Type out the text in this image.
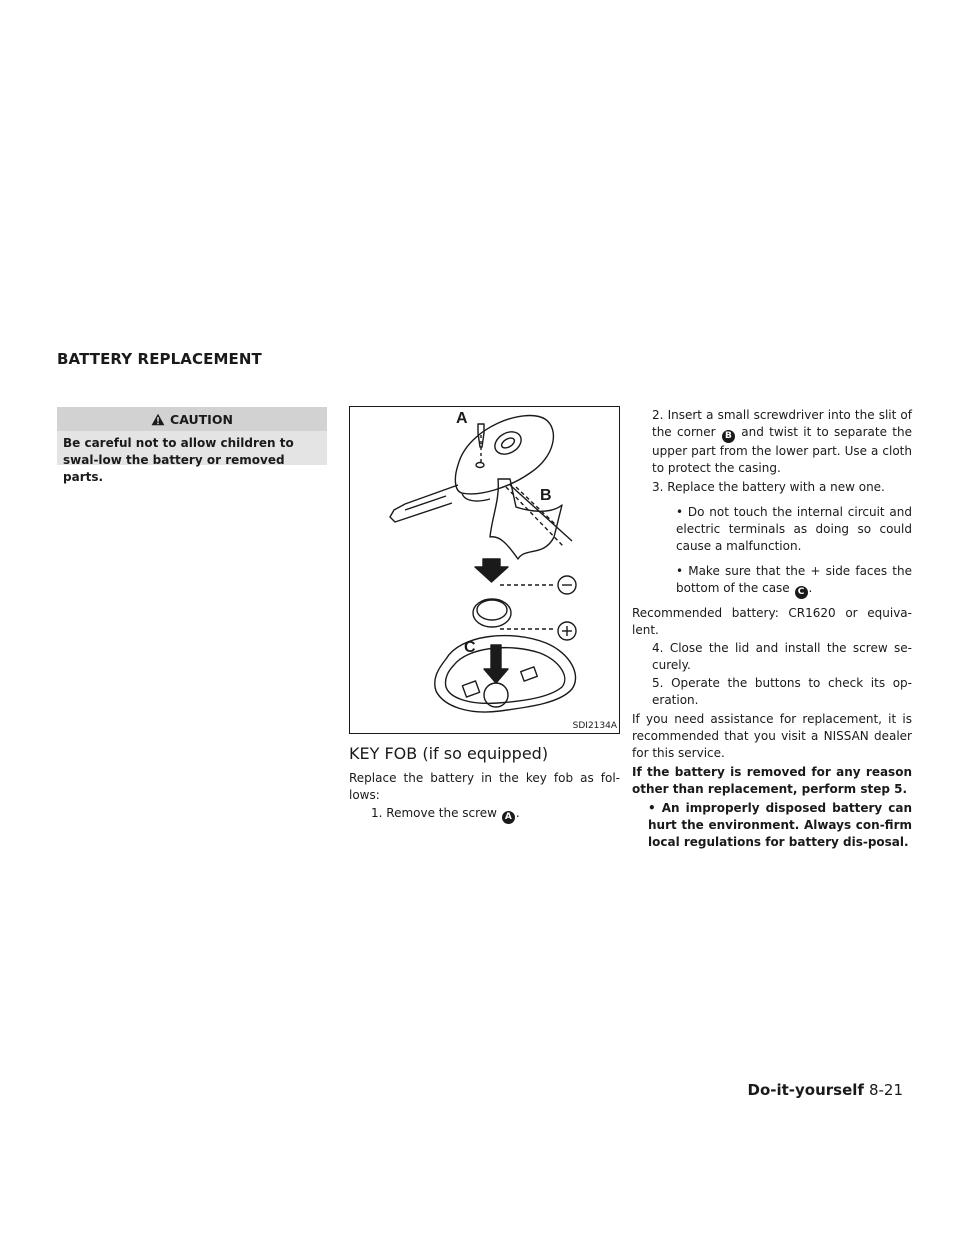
BATTERY REPLACEMENT
CAUTION
Be careful not to allow children to swal-low the battery or removed parts.
A
B
C
SDI2134A
KEY FOB (if so equipped)
Replace the battery in the key fob as fol-lows:
1. Remove the screw A .
2. Insert a small screwdriver into the slit of the corner B and twist it to separate the upper part from the lower part. Use a cloth to protect the casing.
3. Replace the battery with a new one.
• Do not touch the internal circuit and electric terminals as doing so could cause a malfunction.
• Make sure that the + side faces the bottom of the case C .
Recommended battery: CR1620 or equiva-lent.
4. Close the lid and install the screw se-curely.
5. Operate the buttons to check its op-eration.
If you need assistance for replacement, it is recommended that you visit a NISSAN dealer for this service.
If the battery is removed for any reason other than replacement, perform step 5.
• An improperly disposed battery can hurt the environment. Always con-firm local regulations for battery dis-posal.
Do-it-yourself 8-21
